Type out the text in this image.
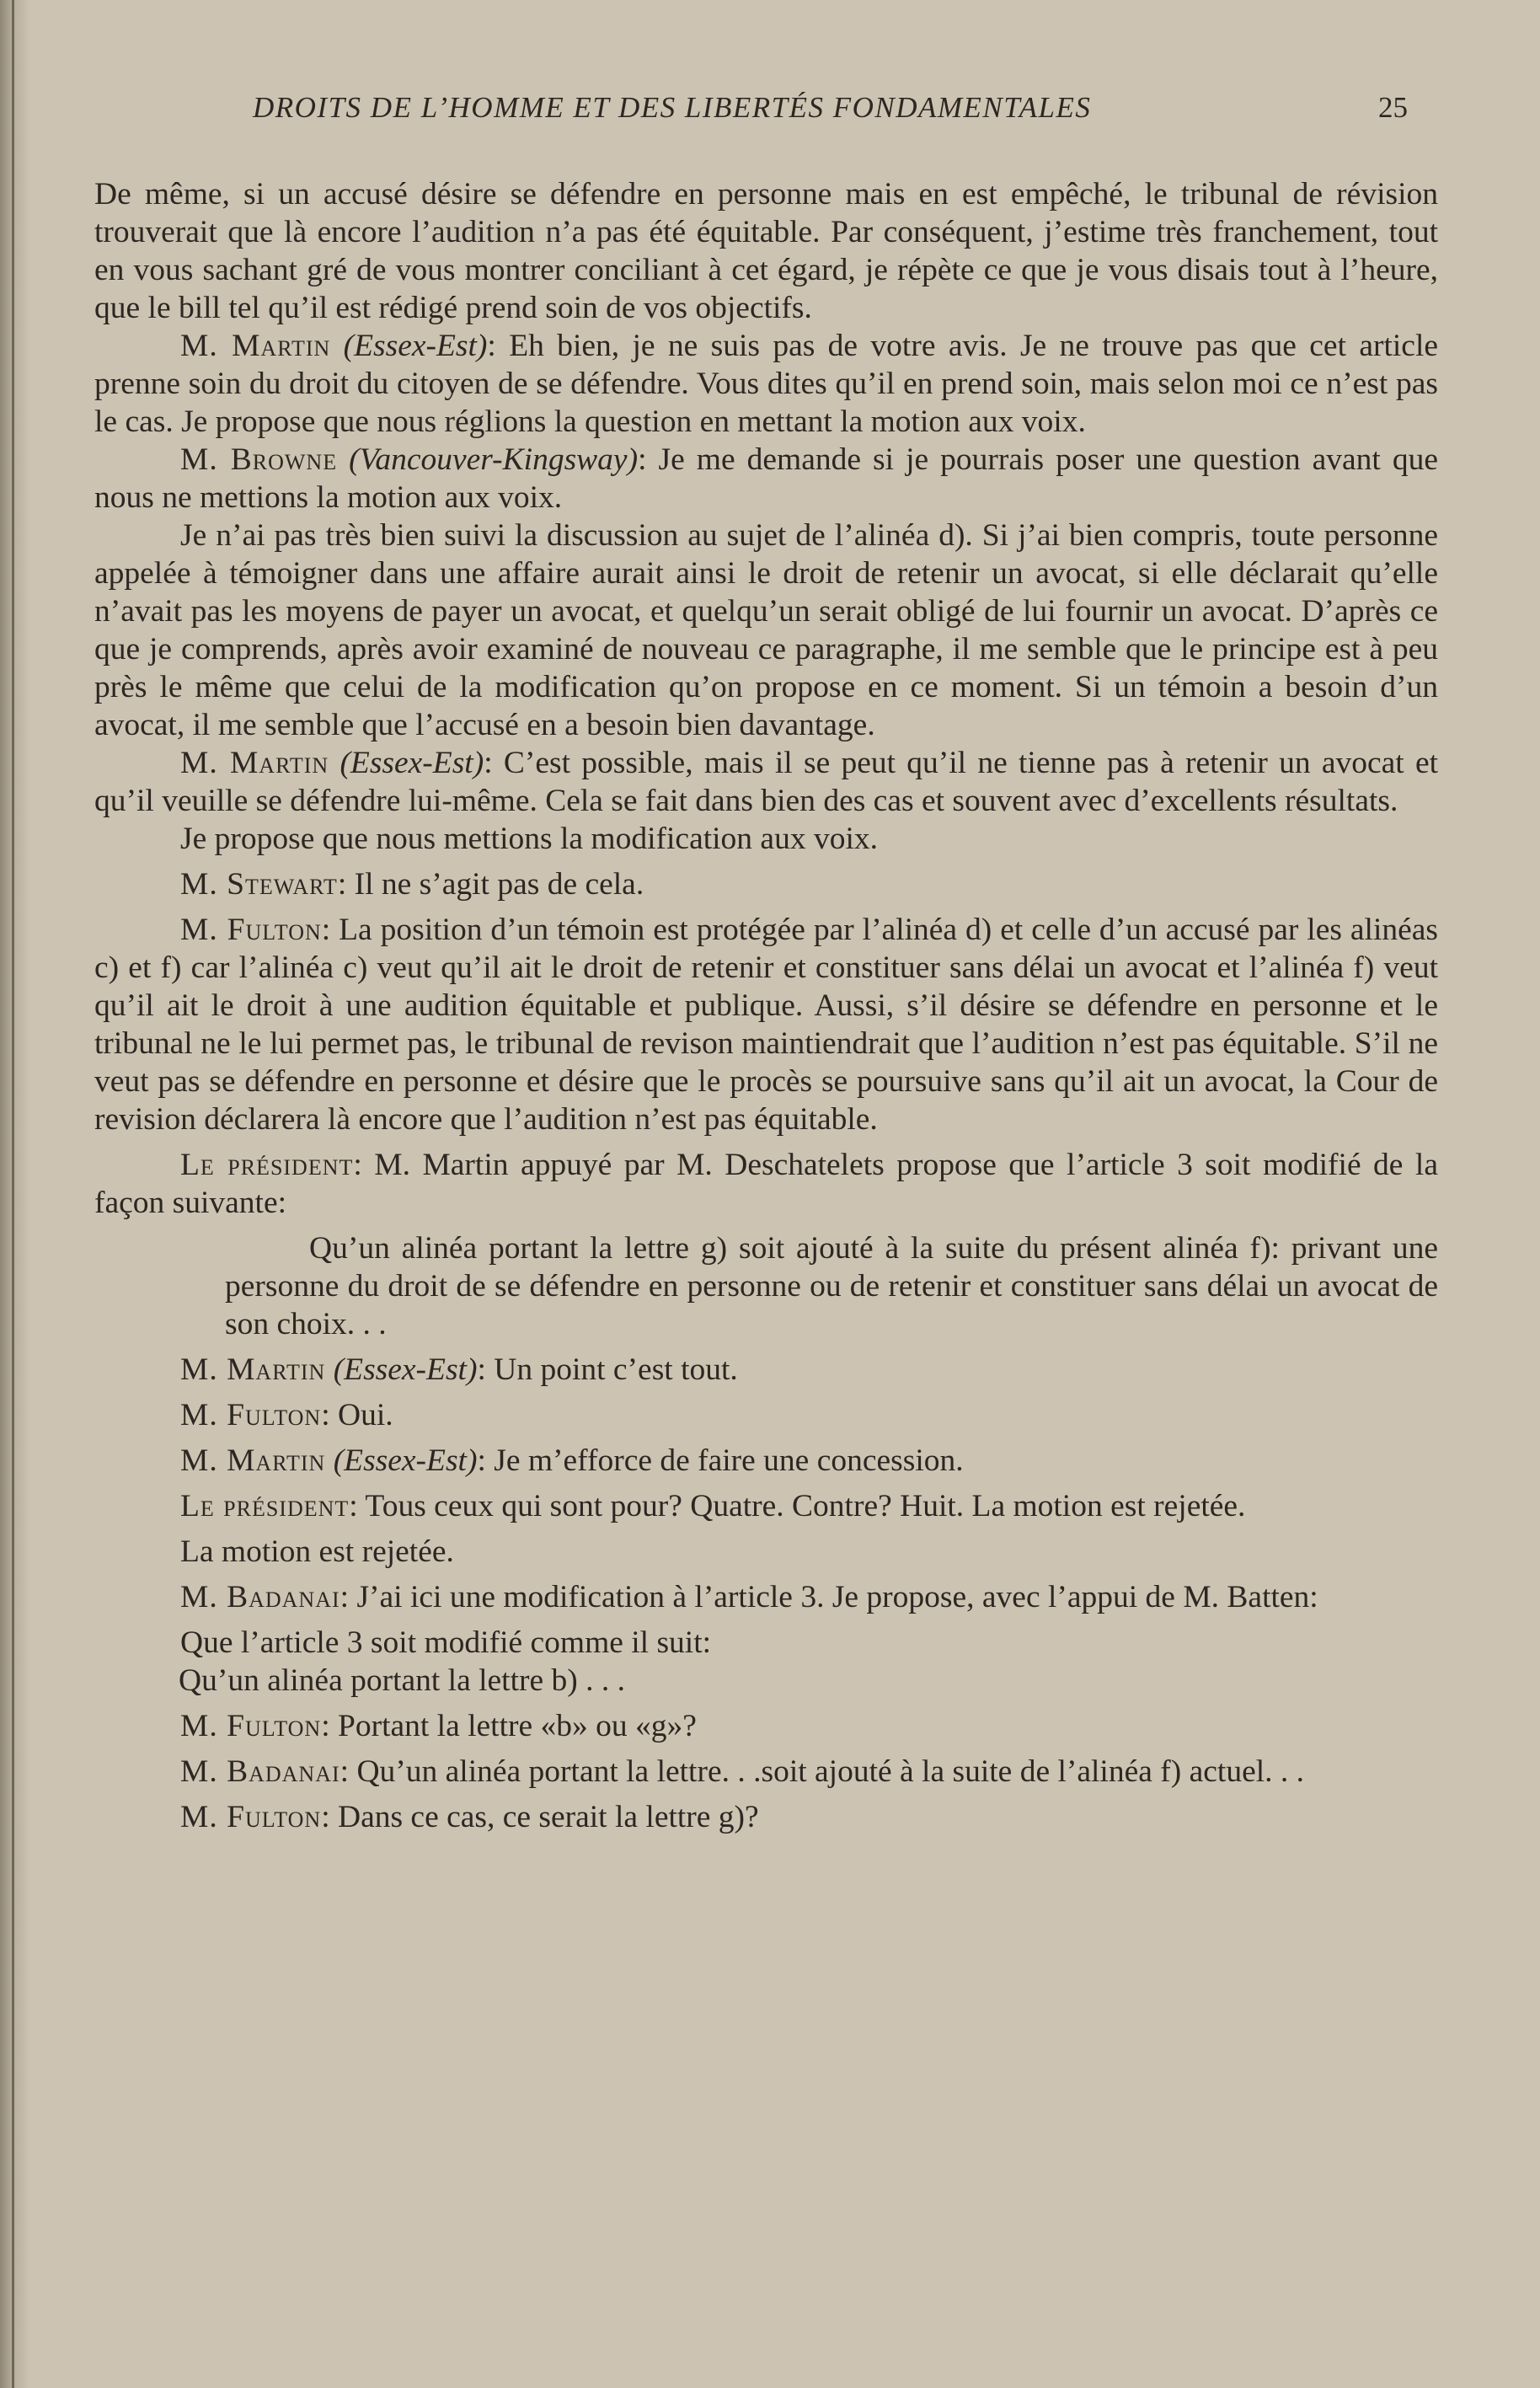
DROITS DE L’HOMME ET DES LIBERTÉS FONDAMENTALES	25

De même, si un accusé désire se défendre en personne mais en est empêché, le tribunal de révision trouverait que là encore l’audition n’a pas été équitable. Par conséquent, j’estime très franchement, tout en vous sachant gré de vous montrer conciliant à cet égard, je répète ce que je vous disais tout à l’heure, que le bill tel qu’il est rédigé prend soin de vos objectifs.

M. Martin (Essex-Est): Eh bien, je ne suis pas de votre avis. Je ne trouve pas que cet article prenne soin du droit du citoyen de se défendre. Vous dites qu’il en prend soin, mais selon moi ce n’est pas le cas. Je propose que nous réglions la question en mettant la motion aux voix.

M. Browne (Vancouver-Kingsway): Je me demande si je pourrais poser une question avant que nous ne mettions la motion aux voix.

Je n’ai pas très bien suivi la discussion au sujet de l’alinéa d). Si j’ai bien compris, toute personne appelée à témoigner dans une affaire aurait ainsi le droit de retenir un avocat, si elle déclarait qu’elle n’avait pas les moyens de payer un avocat, et quelqu’un serait obligé de lui fournir un avocat. D’après ce que je comprends, après avoir examiné de nouveau ce paragraphe, il me semble que le principe est à peu près le même que celui de la modification qu’on propose en ce moment. Si un témoin a besoin d’un avocat, il me semble que l’accusé en a besoin bien davantage.

M. Martin (Essex-Est): C’est possible, mais il se peut qu’il ne tienne pas à retenir un avocat et qu’il veuille se défendre lui-même. Cela se fait dans bien des cas et souvent avec d’excellents résultats.

Je propose que nous mettions la modification aux voix.

M. Stewart: Il ne s’agit pas de cela.

M. Fulton: La position d’un témoin est protégée par l’alinéa d) et celle d’un accusé par les alinéas c) et f) car l’alinéa c) veut qu’il ait le droit de retenir et constituer sans délai un avocat et l’alinéa f) veut qu’il ait le droit à une audition équitable et publique. Aussi, s’il désire se défendre en personne et le tribunal ne le lui permet pas, le tribunal de revison maintiendrait que l’audition n’est pas équitable. S’il ne veut pas se défendre en personne et désire que le procès se poursuive sans qu’il ait un avocat, la Cour de revision déclarera là encore que l’audition n’est pas équitable.

Le président: M. Martin appuyé par M. Deschatelets propose que l’article 3 soit modifié de la façon suivante:

Qu’un alinéa portant la lettre g) soit ajouté à la suite du présent alinéa f): privant une personne du droit de se défendre en personne ou de retenir et constituer sans délai un avocat de son choix. . .

M. Martin (Essex-Est): Un point c’est tout.

M. Fulton: Oui.

M. Martin (Essex-Est): Je m’efforce de faire une concession.

Le président: Tous ceux qui sont pour? Quatre. Contre? Huit. La motion est rejetée.

La motion est rejetée.

M. Badanai: J’ai ici une modification à l’article 3. Je propose, avec l’appui de M. Batten:

Que l’article 3 soit modifié comme il suit:

Qu’un alinéa portant la lettre b) . . .

M. Fulton: Portant la lettre «b» ou «g»?

M. Badanai: Qu’un alinéa portant la lettre. . .soit ajouté à la suite de l’alinéa f) actuel. . .

M. Fulton: Dans ce cas, ce serait la lettre g)?
